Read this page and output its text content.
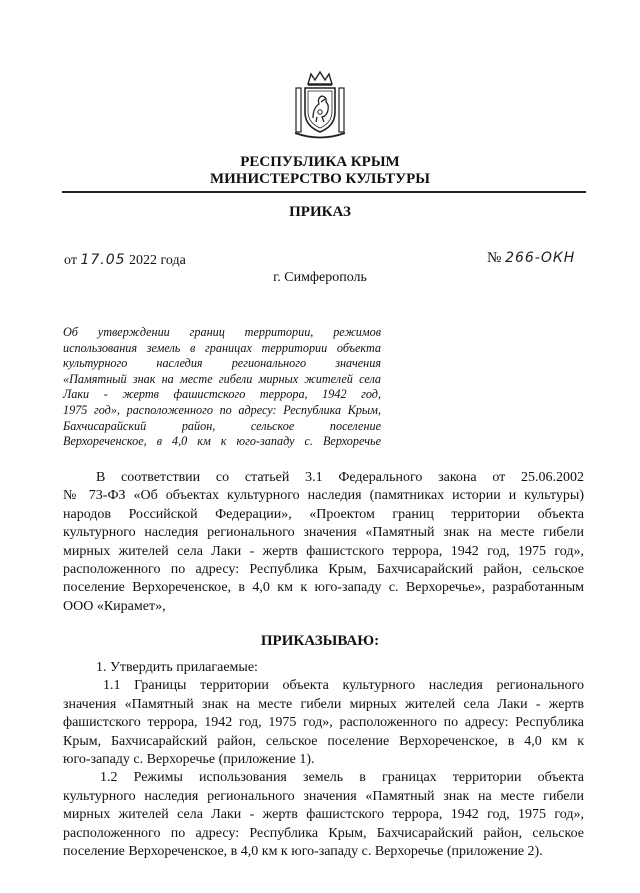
РЕСПУБЛИКА КРЫМ
МИНИСТЕРСТВО КУЛЬТУРЫ
ПРИКАЗ
от 17.05 2022 года	№ 266-ОКН
г. Симферополь
Об утверждении границ территории, режимов
использования земель в границах территории объекта
культурного наследия регионального значения
«Памятный знак на месте гибели мирных жителей села
Лаки - жертв фашистского террора, 1942 год,
1975 год», расположенного по адресу: Республика Крым,
Бахчисарайский район, сельское поселение
Верхореченское, в 4,0 км к юго-западу с. Верхоречье
В соответствии со статьей 3.1 Федерального закона от 25.06.2002
№ 73-ФЗ «Об объектах культурного наследия (памятниках истории и культуры)
народов Российской Федерации», «Проектом границ территории объекта
культурного наследия регионального значения «Памятный знак на месте гибели
мирных жителей села Лаки - жертв фашистского террора, 1942 год, 1975 год»,
расположенного по адресу: Республика Крым, Бахчисарайский район, сельское
поселение Верхореченское, в 4,0 км к юго-западу с. Верхоречье», разработанным
ООО «Кирамет»,
ПРИКАЗЫВАЮ:
1. Утвердить прилагаемые:
1.1 Границы территории объекта культурного наследия регионального
значения «Памятный знак на месте гибели мирных жителей села Лаки - жертв
фашистского террора, 1942 год, 1975 год», расположенного по адресу: Республика
Крым, Бахчисарайский район, сельское поселение Верхореченское, в 4,0 км к
юго-западу с. Верхоречье (приложение 1).
1.2 Режимы использования земель в границах территории объекта
культурного наследия регионального значения «Памятный знак на месте гибели
мирных жителей села Лаки - жертв фашистского террора, 1942 год, 1975 год»,
расположенного по адресу: Республика Крым, Бахчисарайский район, сельское
поселение Верхореченское, в 4,0 км к юго-западу с. Верхоречье (приложение 2).
